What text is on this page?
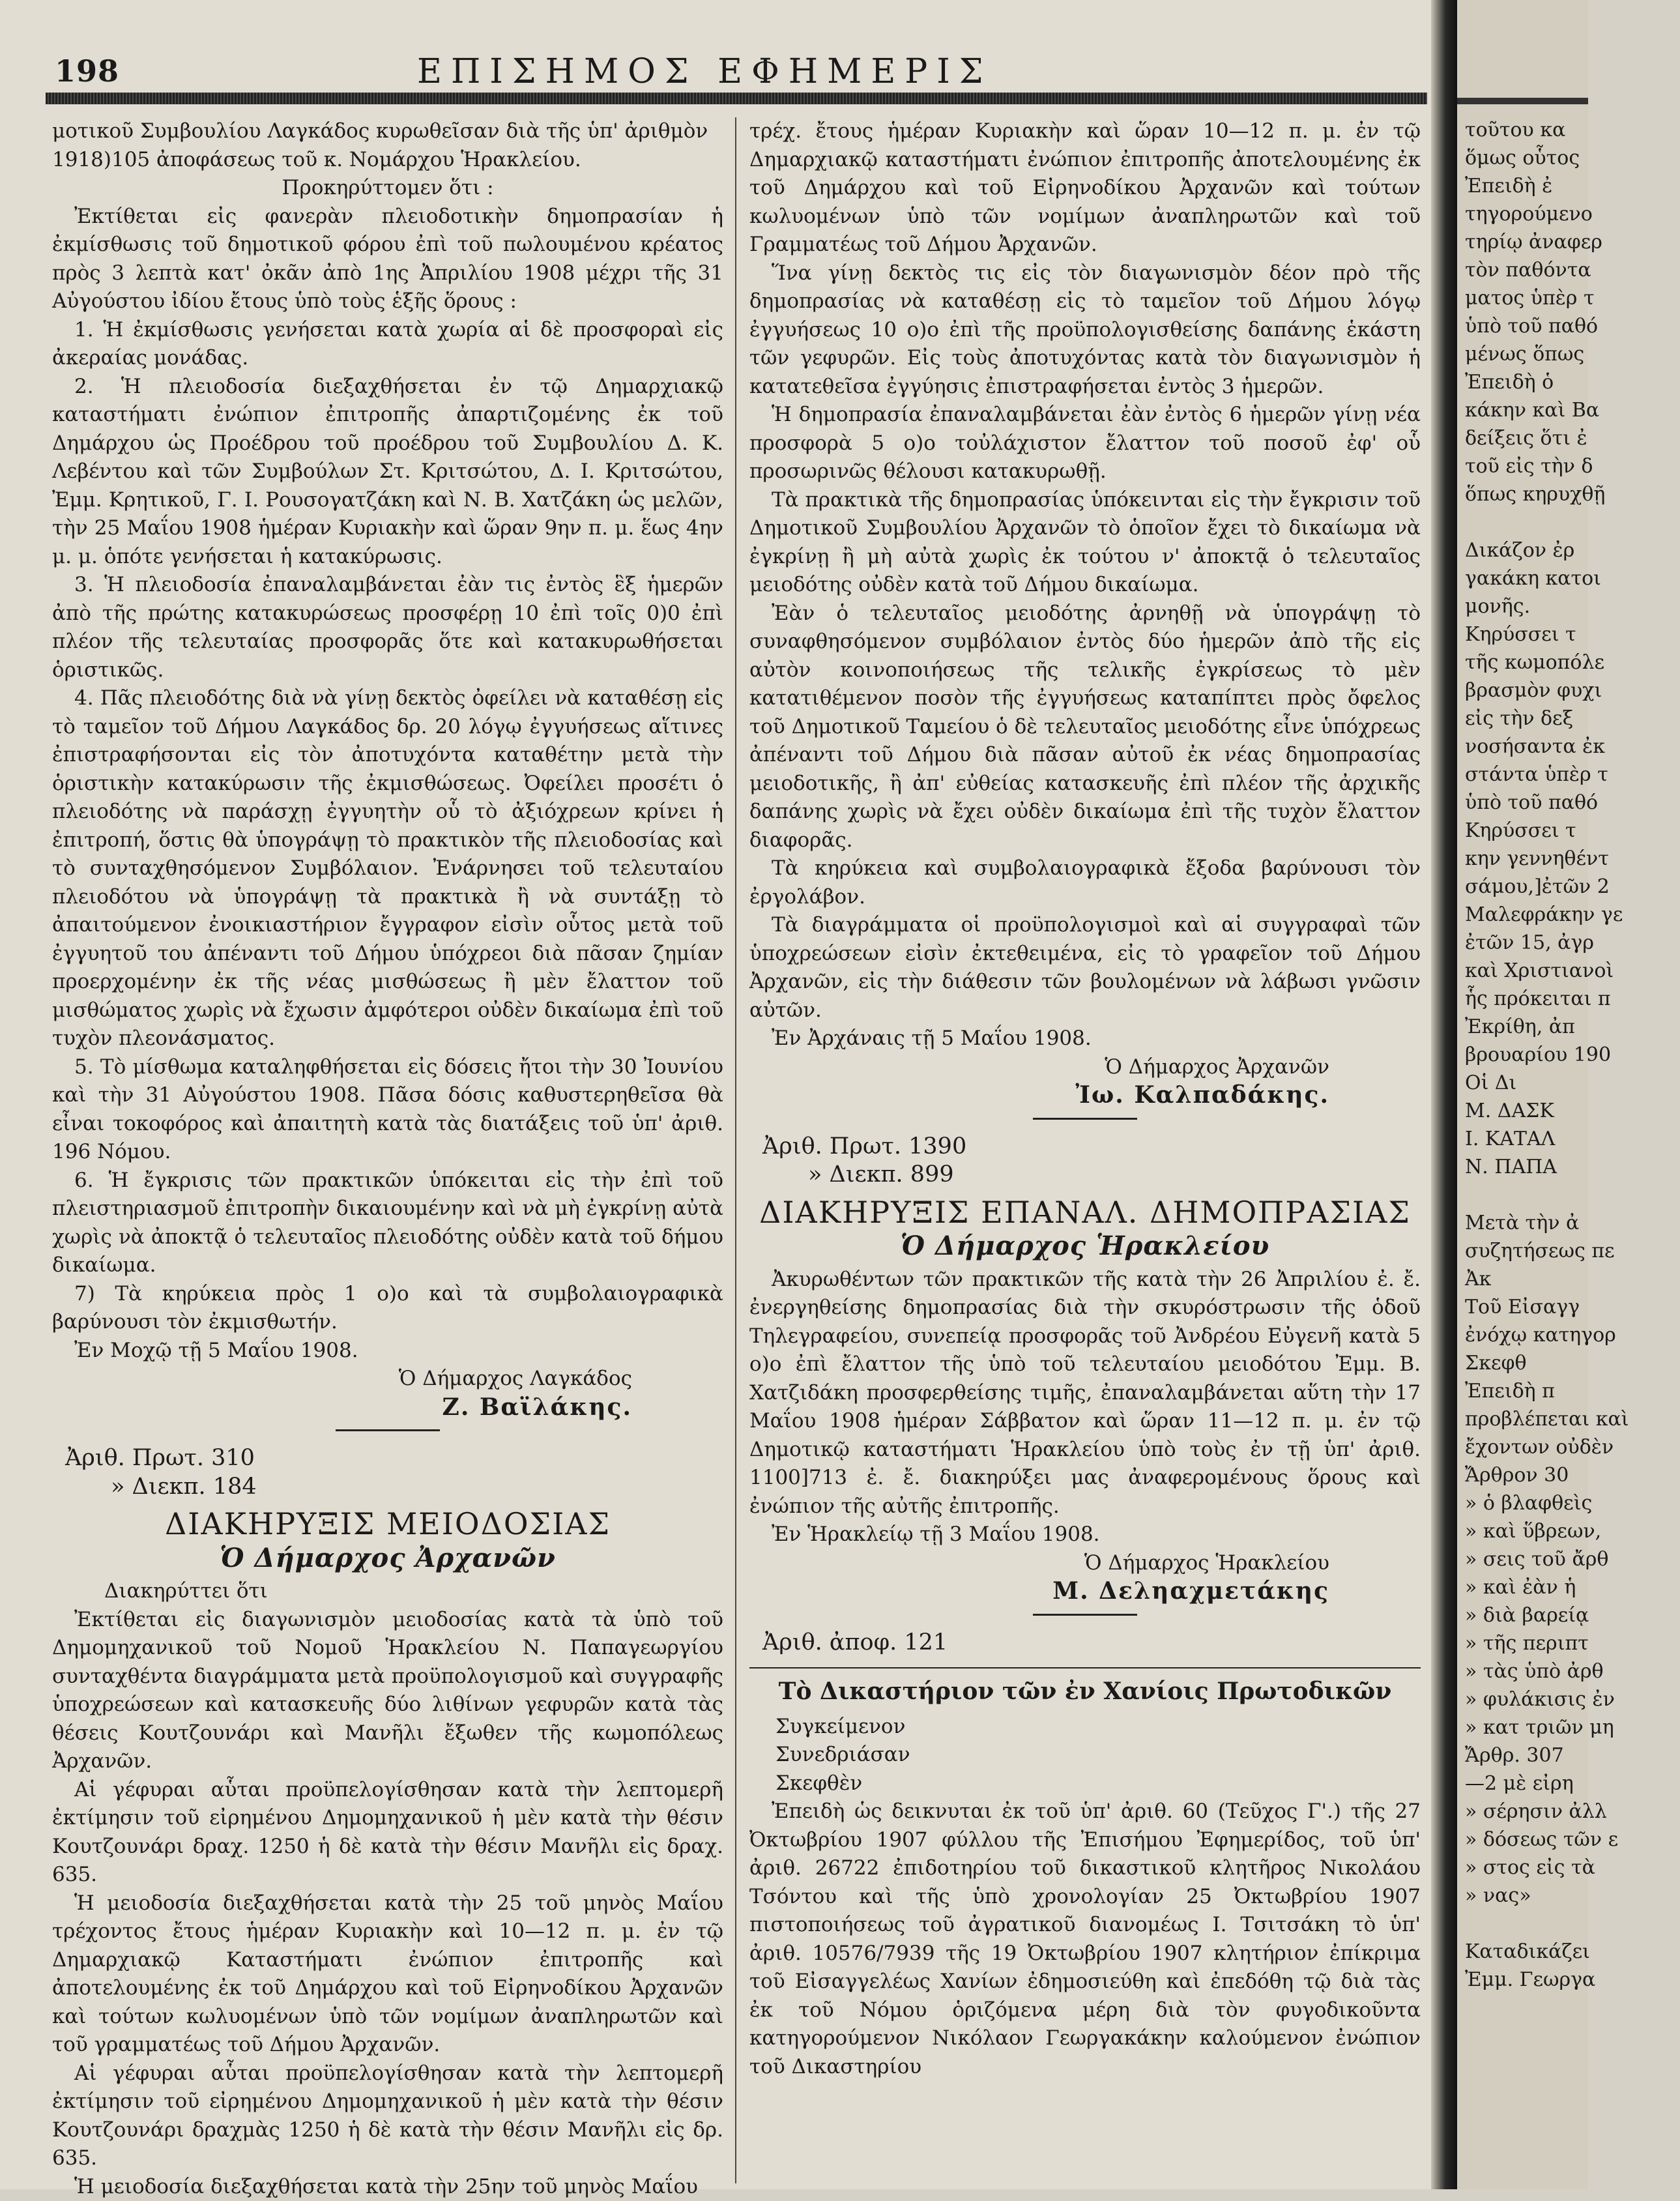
198	ΕΠΙΣΗΜΟΣ ΕΦΗΜΕΡΙΣ

μοτικοῦ Συμβουλίου Λαγκάδος κυρωθεῖσαν διὰ τῆς ὑπ' ἀριθμὸν

1918)105 ἀποφάσεως τοῦ κ. Νομάρχου Ἡρακλείου.

Προκηρύττομεν ὅτι :

Ἐκτίθεται εἰς φανερὰν πλειοδοτικὴν δημοπρασίαν ἡ ἐκμίσθωσις τοῦ δημοτικοῦ φόρου ἐπὶ τοῦ πωλουμένου κρέατος πρὸς 3 λεπτὰ κατ' ὀκᾶν ἀπὸ 1ης Ἀπριλίου 1908 μέχρι τῆς 31 Αὐγούστου ἰδίου ἔτους ὑπὸ τοὺς ἑξῆς ὅρους :

1. Ἡ ἐκμίσθωσις γενήσεται κατὰ χωρία αἱ δὲ προσφοραὶ εἰς ἀκεραίας μονάδας.

2. Ἡ πλειοδοσία διεξαχθήσεται ἐν τῷ Δημαρχιακῷ καταστήματι ἐνώπιον ἐπιτροπῆς ἀπαρτιζομένης ἐκ τοῦ Δημάρχου ὡς Προέδρου τοῦ προέδρου τοῦ Συμβουλίου Δ. Κ. Λεβέντου καὶ τῶν Συμβούλων Στ. Κριτσώτου, Δ. Ι. Κριτσώτου, Ἐμμ. Κρητικοῦ, Γ. Ι. Ρουσογατζάκη καὶ Ν. Β. Χατζάκη ὡς μελῶν, τὴν 25 Μαΐου 1908 ἡμέραν Κυριακὴν καὶ ὥραν 9ην π. μ. ἕως 4ην μ. μ. ὁπότε γενήσεται ἡ κατακύρωσις.

3. Ἡ πλειοδοσία ἐπαναλαμβάνεται ἐὰν τις ἐντὸς ἓξ ἡμερῶν ἀπὸ τῆς πρώτης κατακυρώσεως προσφέρῃ 10 ἐπὶ τοῖς 0)0 ἐπὶ πλέον τῆς τελευταίας προσφορᾶς ὅτε καὶ κατακυρωθήσεται ὁριστικῶς.

4. Πᾶς πλειοδότης διὰ νὰ γίνῃ δεκτὸς ὀφείλει νὰ καταθέσῃ εἰς τὸ ταμεῖον τοῦ Δήμου Λαγκάδος δρ. 20 λόγῳ ἐγγυήσεως αἵτινες ἐπιστραφήσονται εἰς τὸν ἀποτυχόντα καταθέτην μετὰ τὴν ὁριστικὴν κατακύρωσιν τῆς ἐκμισθώσεως. Ὀφείλει προσέτι ὁ πλειοδότης νὰ παράσχῃ ἐγγυητὴν οὗ τὸ ἀξιόχρεων κρίνει ἡ ἐπιτροπή, ὅστις θὰ ὑπογράψῃ τὸ πρακτικὸν τῆς πλειοδοσίας καὶ τὸ συνταχθησόμενον Συμβόλαιον. Ἐνάρνησει τοῦ τελευταίου πλειοδότου νὰ ὑπογράψῃ τὰ πρακτικὰ ἢ νὰ συντάξῃ τὸ ἀπαιτούμενον ἐνοικιαστήριον ἔγγραφον εἰσὶν οὗτος μετὰ τοῦ ἐγγυητοῦ του ἀπέναντι τοῦ Δήμου ὑπόχρεοι διὰ πᾶσαν ζημίαν προερχομένην ἐκ τῆς νέας μισθώσεως ἢ μὲν ἔλαττον τοῦ μισθώματος χωρὶς νὰ ἔχωσιν ἀμφότεροι οὐδὲν δικαίωμα ἐπὶ τοῦ τυχὸν πλεονάσματος.

5. Τὸ μίσθωμα καταληφθήσεται εἰς δόσεις ἤτοι τὴν 30 Ἰουνίου καὶ τὴν 31 Αὐγούστου 1908. Πᾶσα δόσις καθυστερηθεῖσα θὰ εἶναι τοκοφόρος καὶ ἀπαιτητὴ κατὰ τὰς διατάξεις τοῦ ὑπ' ἀριθ. 196 Νόμου.

6. Ἡ ἔγκρισις τῶν πρακτικῶν ὑπόκειται εἰς τὴν ἐπὶ τοῦ πλειστηριασμοῦ ἐπιτροπὴν δικαιουμένην καὶ νὰ μὴ ἐγκρίνῃ αὐτὰ χωρὶς νὰ ἀποκτᾷ ὁ τελευταῖος πλειοδότης οὐδὲν κατὰ τοῦ δήμου δικαίωμα.

7) Τὰ κηρύκεια πρὸς 1 ο)ο καὶ τὰ συμβολαιογραφικὰ βαρύνουσι τὸν ἐκμισθωτήν.

Ἐν Μοχῷ τῇ 5 Μαΐου 1908.

Ὁ Δήμαρχος Λαγκάδος

Ζ. Βαϊλάκης.

Ἀριθ. Πρωτ. 310

» Διεκπ. 184

ΔΙΑΚΗΡΥΞΙΣ ΜΕΙΟΔΟΣΙΑΣ
Ὁ Δήμαρχος Ἀρχανῶν

Διακηρύττει ὅτι

Ἐκτίθεται εἰς διαγωνισμὸν μειοδοσίας κατὰ τὰ ὑπὸ τοῦ Δημομηχανικοῦ τοῦ Νομοῦ Ἡρακλείου Ν. Παπαγεωργίου συνταχθέντα διαγράμματα μετὰ προϋπολογισμοῦ καὶ συγγραφῆς ὑποχρεώσεων καὶ κατασκευῆς δύο λιθίνων γεφυρῶν κατὰ τὰς θέσεις Κουτζουνάρι καὶ Μανῆλι ἔξωθεν τῆς κωμοπόλεως Ἀρχανῶν.

Αἱ γέφυραι αὗται προϋπελογίσθησαν κατὰ τὴν λεπτομερῆ ἐκτίμησιν τοῦ εἰρημένου Δημομηχανικοῦ ἡ μὲν κατὰ τὴν θέσιν Κουτζουνάρι δραχ. 1250 ἡ δὲ κατὰ τὴν θέσιν Μανῆλι εἰς δραχ. 635.

Ἡ μειοδοσία διεξαχθήσεται κατὰ τὴν 25 τοῦ μηνὸς Μαΐου τρέχοντος ἔτους ἡμέραν Κυριακὴν καὶ 10—12 π. μ. ἐν τῷ Δημαρχιακῷ Καταστήματι ἐνώπιον ἐπιτροπῆς καὶ ἀποτελουμένης ἐκ τοῦ Δημάρχου καὶ τοῦ Εἰρηνοδίκου Ἀρχανῶν καὶ τούτων κωλυομένων ὑπὸ τῶν νομίμων ἀναπληρωτῶν καὶ τοῦ γραμματέως τοῦ Δήμου Ἀρχανῶν.

Αἱ γέφυραι αὗται προϋπελογίσθησαν κατὰ τὴν λεπτομερῆ ἐκτίμησιν τοῦ εἰρημένου Δημομηχανικοῦ ἡ μὲν κατὰ τὴν θέσιν Κουτζουνάρι δραχμὰς 1250 ἡ δὲ κατὰ τὴν θέσιν Μανῆλι εἰς δρ. 635.

Ἡ μειοδοσία διεξαχθήσεται κατὰ τὴν 25ην τοῦ μηνὸς Μαΐου

τρέχ. ἔτους ἡμέραν Κυριακὴν καὶ ὥραν 10—12 π. μ. ἐν τῷ Δημαρχιακῷ καταστήματι ἐνώπιον ἐπιτροπῆς ἀποτελουμένης ἐκ τοῦ Δημάρχου καὶ τοῦ Εἰρηνοδίκου Ἀρχανῶν καὶ τούτων κωλυομένων ὑπὸ τῶν νομίμων ἀναπληρωτῶν καὶ τοῦ Γραμματέως τοῦ Δήμου Ἀρχανῶν.

Ἵνα γίνῃ δεκτὸς τις εἰς τὸν διαγωνισμὸν δέον πρὸ τῆς δημοπρασίας νὰ καταθέσῃ εἰς τὸ ταμεῖον τοῦ Δήμου λόγῳ ἐγγυήσεως 10 ο)ο ἐπὶ τῆς προϋπολογισθείσης δαπάνης ἑκάστη τῶν γεφυρῶν. Εἰς τοὺς ἀποτυχόντας κατὰ τὸν διαγωνισμὸν ἡ κατατεθεῖσα ἐγγύησις ἐπιστραφήσεται ἐντὸς 3 ἡμερῶν.

Ἡ δημοπρασία ἐπαναλαμβάνεται ἐὰν ἐντὸς 6 ἡμερῶν γίνῃ νέα προσφορὰ 5 ο)ο τοὐλάχιστον ἔλαττον τοῦ ποσοῦ ἐφ' οὗ προσωρινῶς θέλουσι κατακυρωθῇ.

Τὰ πρακτικὰ τῆς δημοπρασίας ὑπόκεινται εἰς τὴν ἔγκρισιν τοῦ Δημοτικοῦ Συμβουλίου Ἀρχανῶν τὸ ὁποῖον ἔχει τὸ δικαίωμα νὰ ἐγκρίνῃ ἢ μὴ αὐτὰ χωρὶς ἐκ τούτου ν' ἀποκτᾷ ὁ τελευταῖος μειοδότης οὐδὲν κατὰ τοῦ Δήμου δικαίωμα.

Ἐὰν ὁ τελευταῖος μειοδότης ἀρνηθῇ νὰ ὑπογράψῃ τὸ συναφθησόμενον συμβόλαιον ἐντὸς δύο ἡμερῶν ἀπὸ τῆς εἰς αὐτὸν κοινοποιήσεως τῆς τελικῆς ἐγκρίσεως τὸ μὲν κατατιθέμενον ποσὸν τῆς ἐγγυήσεως καταπίπτει πρὸς ὄφελος τοῦ Δημοτικοῦ Ταμείου ὁ δὲ τελευταῖος μειοδότης εἶνε ὑπόχρεως ἀπέναντι τοῦ Δήμου διὰ πᾶσαν αὐτοῦ ἐκ νέας δημοπρασίας μειοδοτικῆς, ἢ ἀπ' εὐθείας κατασκευῆς ἐπὶ πλέον τῆς ἀρχικῆς δαπάνης χωρὶς νὰ ἔχει οὐδὲν δικαίωμα ἐπὶ τῆς τυχὸν ἔλαττον διαφορᾶς.

Τὰ κηρύκεια καὶ συμβολαιογραφικὰ ἔξοδα βαρύνουσι τὸν ἐργολάβον.

Τὰ διαγράμματα οἱ προϋπολογισμοὶ καὶ αἱ συγγραφαὶ τῶν ὑποχρεώσεων εἰσὶν ἐκτεθειμένα, εἰς τὸ γραφεῖον τοῦ Δήμου Ἀρχανῶν, εἰς τὴν διάθεσιν τῶν βουλομένων νὰ λάβωσι γνῶσιν αὐτῶν.

Ἐν Ἀρχάναις τῇ 5 Μαΐου 1908.

Ὁ Δήμαρχος Ἀρχανῶν

Ἰω. Καλπαδάκης.

Ἀριθ. Πρωτ. 1390

» Διεκπ. 899

ΔΙΑΚΗΡΥΞΙΣ ΕΠΑΝΑΛ. ΔΗΜΟΠΡΑΣΙΑΣ
Ὁ Δήμαρχος Ἡρακλείου

Ἀκυρωθέντων τῶν πρακτικῶν τῆς κατὰ τὴν 26 Ἀπριλίου ἐ. ἔ. ἐνεργηθείσης δημοπρασίας διὰ τὴν σκυρόστρωσιν τῆς ὁδοῦ Τηλεγραφείου, συνεπείᾳ προσφορᾶς τοῦ Ἀνδρέου Εὐγενῆ κατὰ 5 ο)ο ἐπὶ ἔλαττον τῆς ὑπὸ τοῦ τελευταίου μειοδότου Ἐμμ. Β. Χατζιδάκη προσφερθείσης τιμῆς, ἐπαναλαμβάνεται αὕτη τὴν 17 Μαΐου 1908 ἡμέραν Σάββατον καὶ ὥραν 11—12 π. μ. ἐν τῷ Δημοτικῷ καταστήματι Ἡρακλείου ὑπὸ τοὺς ἐν τῇ ὑπ' ἀριθ. 1100]713 ἐ. ἔ. διακηρύξει μας ἀναφερομένους ὅρους καὶ ἐνώπιον τῆς αὐτῆς ἐπιτροπῆς.

Ἐν Ἡρακλείῳ τῇ 3 Μαΐου 1908.

Ὁ Δήμαρχος Ἡρακλείου

Μ. Δεληαχμετάκης

Ἀριθ. ἀποφ. 121

Τὸ Δικαστήριον τῶν ἐν Χανίοις Πρωτοδικῶν

Συγκείμενον

Συνεδριάσαν

Σκεφθὲν

Ἐπειδὴ ὡς δεικνυται ἐκ τοῦ ὑπ' ἀριθ. 60 (Τεῦχος Γ'.) τῆς 27 Ὀκτωβρίου 1907 φύλλου τῆς Ἐπισήμου Ἐφημερίδος, τοῦ ὑπ' ἀριθ. 26722 ἐπιδοτηρίου τοῦ δικαστικοῦ κλητῆρος Νικολάου Τσόντου καὶ τῆς ὑπὸ χρονολογίαν 25 Ὀκτωβρίου 1907 πιστοποιήσεως τοῦ ἀγρατικοῦ διανομέως Ι. Τσιτσάκη τὸ ὑπ' ἀριθ. 10576/7939 τῆς 19 Ὀκτωβρίου 1907 κλητήριον ἐπίκριμα τοῦ Εἰσαγγελέως Χανίων ἐδημοσιεύθη καὶ ἐπεδόθη τῷ διὰ τὰς ἐκ τοῦ Νόμου ὁριζόμενα μέρη διὰ τὸν φυγοδικοῦντα κατηγορούμενον Νικόλαον Γεωργακάκην καλούμενον ἐνώπιον τοῦ Δικαστηρίου

τοῦτου κα
ὅμως οὗτος
Ἐπειδὴ ἐ
τηγορούμενο
τηρίῳ ἀναφερ
τὸν παθόντα
ματος ὑπὲρ τ
ὑπὸ τοῦ παθό
μένως ὅπως
Ἐπειδὴ ὁ
κάκην καὶ Βα
δείξεις ὅτι ἐ
τοῦ εἰς τὴν δ
ὅπως κηρυχθῇ
Δικάζον ἐρ
γακάκη κατοι
μονῆς.
Κηρύσσει τ
τῆς κωμοπόλε
βρασμὸν φυχι
εἰς τὴν δεξ
νοσήσαντα ἐκ
στάντα ὑπὲρ τ
ὑπὸ τοῦ παθό
Κηρύσσει τ
κην γεννηθέντ
σάμου,]ἐτῶν 2
Μαλεφράκην γε
ἐτῶν 15, ἀγρ
καὶ Χριστιανοὶ
ἧς πρόκειται π
Ἐκρίθη, ἀπ
βρουαρίου 190
Οἱ Δι
Μ. ΔΑΣΚ
Ι. ΚΑΤΑΛ
Ν. ΠΑΠΑ
Μετὰ τὴν ἀ
συζητήσεως πε
Ἀκ
Τοῦ Εἰσαγγ
ἐνόχῳ κατηγορ
Σκεφθ
Ἐπειδὴ π
προβλέπεται καὶ
ἔχοντων οὐδὲν
Ἄρθρον 30
» ὁ βλαφθεὶς
» καὶ ὕβρεων,
» σεις τοῦ ἄρθ
» καὶ ἐὰν ἡ
» διὰ βαρείᾳ
» τῆς περιπτ
» τὰς ὑπὸ ἀρθ
» φυλάκισις ἐν
» κατ τριῶν μη
Ἄρθρ. 307
—2 μὲ εἰρη
» σέρησιν ἀλλ
» δόσεως τῶν ε
» στος εἰς τὰ
» νας»
Καταδικάζει
Ἐμμ. Γεωργα
